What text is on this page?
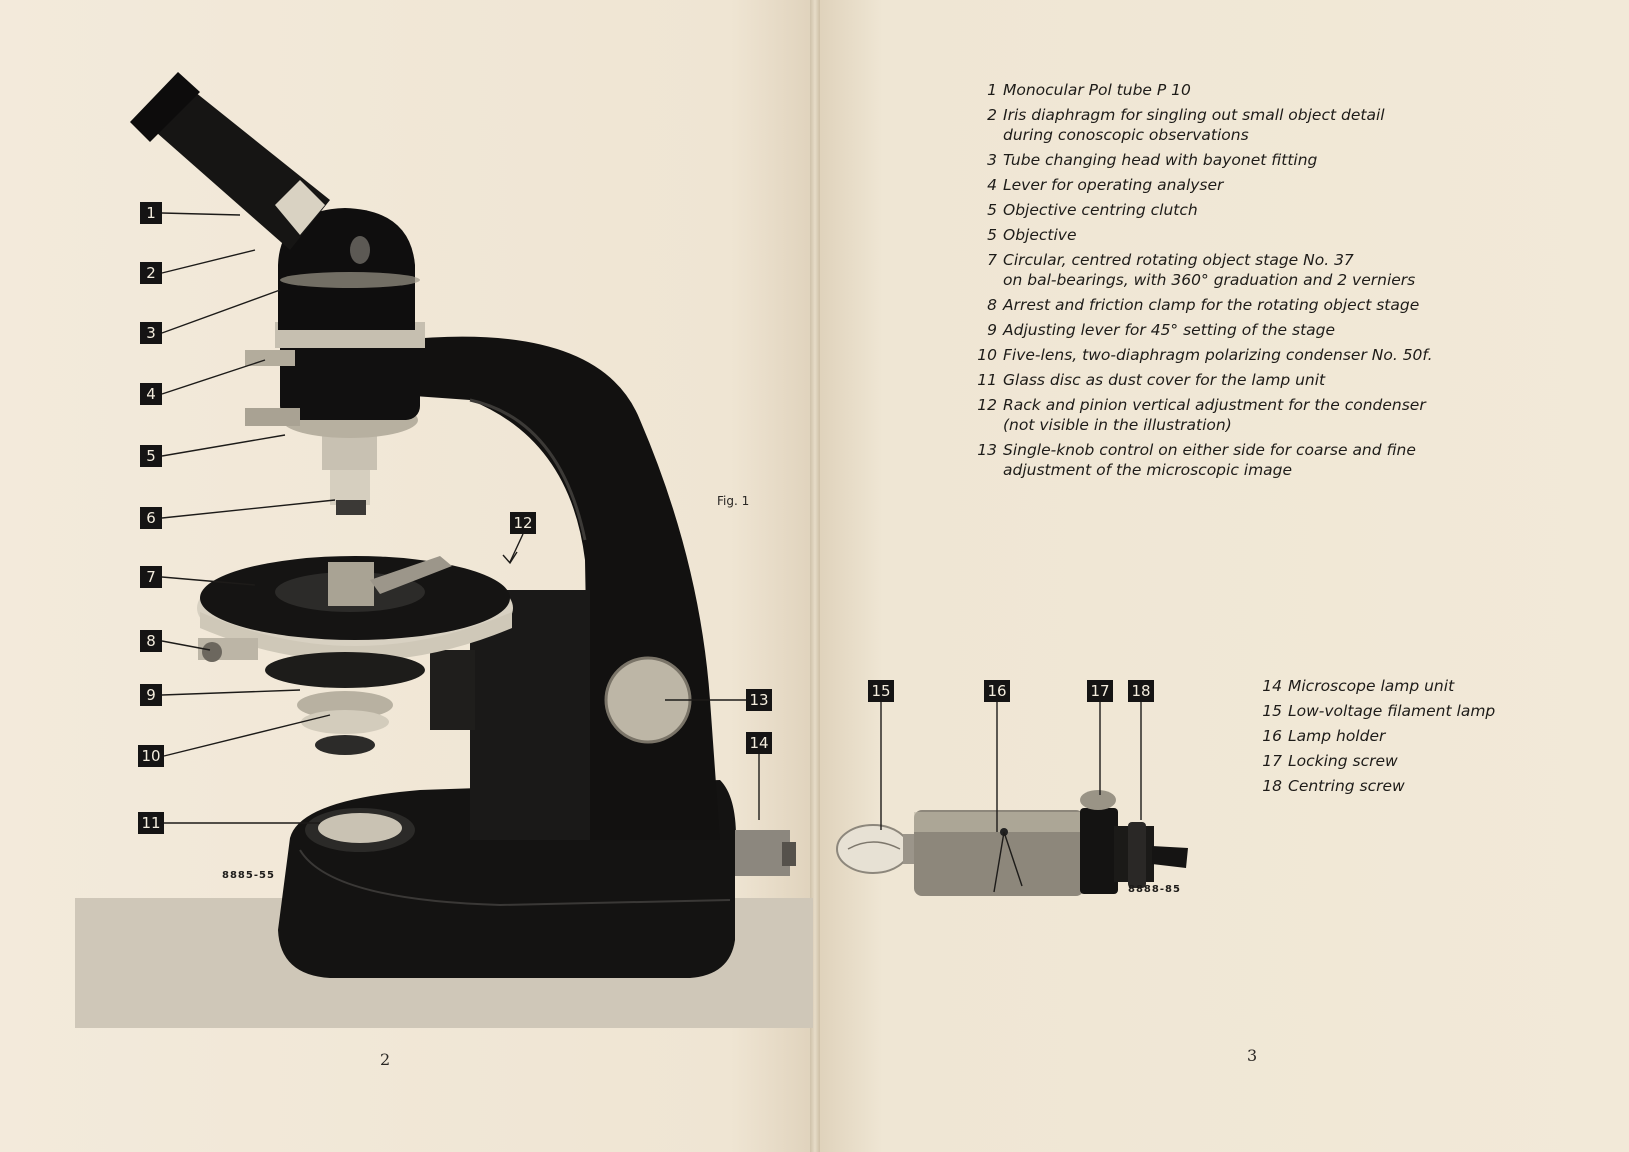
1
2
3
4
5
6
7
8
9
10
11
12
13
14
15	16	17 18
Fig. 1
8885-55
8888-85
2	3
1 Monocular Pol tube P 10
2 Iris diaphragm for singling out small object detail
during conoscopic observations
3 Tube changing head with bayonet fitting
4 Lever for operating analyser
5 Objective centring clutch
5 Objective
7 Circular, centred rotating object stage No. 37
on bal-bearings, with 360° graduation and 2 verniers
8 Arrest and friction clamp for the rotating object stage
9 Adjusting lever for 45° setting of the stage
10 Five-lens, two-diaphragm polarizing condenser No. 50f.
11 Glass disc as dust cover for the lamp unit
12 Rack and pinion vertical adjustment for the condenser
(not visible in the illustration)
13 Single-knob control on either side for coarse and fine
adjustment of the microscopic image
14 Microscope lamp unit
15 Low-voltage filament lamp
16 Lamp holder
17 Locking screw
18 Centring screw
